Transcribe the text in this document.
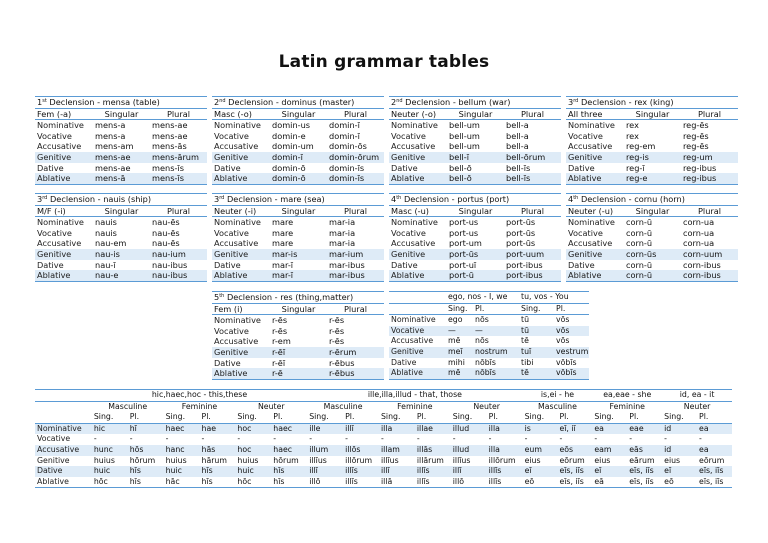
Latin grammar tables
1st Declension - mensa (table)		
Fem (-a)	Singular	Plural
Nominative	mens-a	mens-ae
Vocative	mens-a	mens-ae
Accusative	mens-am	mens-ās
Genitive	mens-ae	mens-ārum
Dative	mens-ae	mens-īs
Ablative	mens-ā	mens-īs
2nd Declension - dominus (master)		
Masc (-o)	Singular	Plural
Nominative	domin-us	domin-ī
Vocative	domin-e	domin-ī
Accusative	domin-um	domin-ōs
Genitive	domin-ī	domin-ōrum
Dative	domin-ō	domin-īs
Ablative	domin-ō	domin-īs
2nd Declension - bellum (war)		
Neuter (-o)	Singular	Plural
Nominative	bell-um	bell-a
Vocative	bell-um	bell-a
Accusative	bell-um	bell-a
Genitive	bell-ī	bell-ōrum
Dative	bell-ō	bell-īs
Ablative	bell-ō	bell-īs
3rd Declension - rex (king)		
All three	Singular	Plural
Nominative	rex	reg-ēs
Vocative	rex	reg-ēs
Accusative	reg-em	reg-ēs
Genitive	reg-is	reg-um
Dative	reg-ī	reg-ibus
Ablative	reg-e	reg-ibus
3rd Declension - nauis (ship)		
M/F (-i)	Singular	Plural
Nominative	nauis	nau-ēs
Vocative	nauis	nau-ēs
Accusative	nau-em	nau-ēs
Genitive	nau-is	nau-ium
Dative	nau-ī	nau-ibus
Ablative	nau-e	nau-ibus
3rd Declension - mare (sea)		
Neuter (-i)	Singular	Plural
Nominative	mare	mar-ia
Vocative	mare	mar-ia
Accusative	mare	mar-ia
Genitive	mar-is	mar-ium
Dative	mar-ī	mar-ibus
Ablative	mar-ī	mar-ibus
4th Declension - portus (port)		
Masc (-u)	Singular	Plural
Nominative	port-us	port-ūs
Vocative	port-us	port-ūs
Accusative	port-um	port-ūs
Genitive	port-ūs	port-uum
Dative	port-uī	port-ibus
Ablative	port-ū	port-ibus
4th Declension - cornu (horn)		
Neuter (-u)	Singular	Plural
Nominative	corn-ū	corn-ua
Vocative	corn-ū	corn-ua
Accusative	corn-ū	corn-ua
Genitive	corn-ūs	corn-uum
Dative	corn-ū	corn-ibus
Ablative	corn-ū	corn-ibus
5th Declension - res (thing,matter)		
Fem (i)	Singular	Plural
Nominative	r-ēs	r-ēs
Vocative	r-ēs	r-ēs
Accusative	r-em	r-ēs
Genitive	r-ēī	r-ērum
Dative	r-ēī	r-ēbus
Ablative	r-ē	r-ēbus
	ego, nos - I, we			tu, vos - You	
	Sing.	Pl.		Sing.	Pl.
Nominative	ego	nōs		tū	vōs
Vocative	—	—		tū	vōs
Accusative	mē	nōs		tē	vōs
Genitive	meī	nostrum		tuī	vestrum
Dative	mihi	nōbīs		tibi	vōbīs
Ablative	mē	nōbīs		tē	vōbīs
	hic,haec,hoc - this,these						ille,illa,illud - that, those						is,ei - he		ea,eae - she		id, ea - it	
	Masculine		Feminine		Neuter		Masculine		Feminine		Neuter		Masculine		Feminine		Neuter	
	Sing.	Pl.	Sing.	Pl.	Sing.	Pl.	Sing.	Pl.	Sing.	Pl.	Sing.	Pl.	Sing.	Pl.	Sing.	Pl.	Sing.	Pl.
Nominative	hic	hī	haec	hae	hoc	haec	ille	illī	illa	illae	illud	illa	is	eī, iī	ea	eae	id	ea
Vocative	-	-	-	-	-	-	-	-	-	-	-	-	-	-	-	-	-	-
Accusative	hunc	hōs	hanc	hās	hoc	haec	illum	illōs	illam	illās	illud	illa	eum	eōs	eam	eās	id	ea
Genitive	huius	hōrum	huius	hārum	huius	hōrum	illīus	illōrum	illīus	illārum	illīus	illōrum	eius	eōrum	eius	eārum	eius	eōrum
Dative	huic	hīs	huic	hīs	huic	hīs	illī	illīs	illī	illīs	illī	illīs	eī	eīs, iīs	eī	eīs, iīs	eī	eīs, iīs
Ablative	hōc	hīs	hāc	hīs	hōc	hīs	illō	illīs	illā	illīs	illō	illīs	eō	eīs, iīs	eā	eīs, iīs	eō	eīs, iīs
